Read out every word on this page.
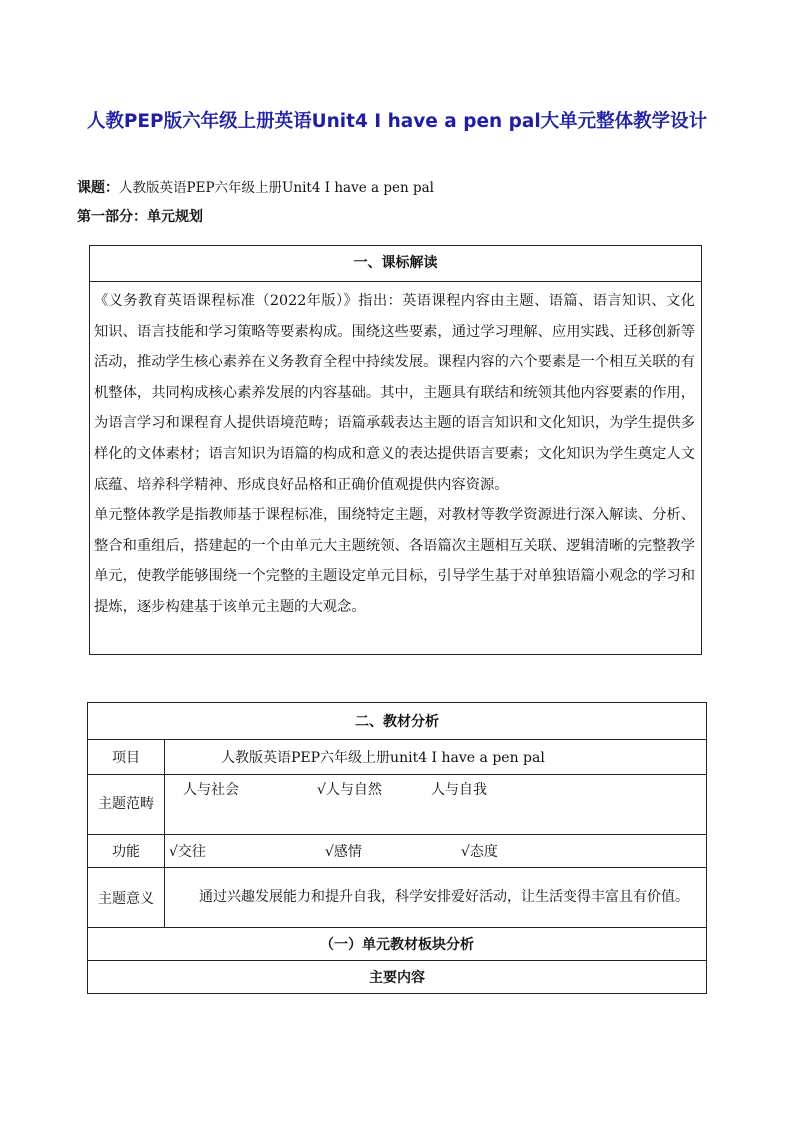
人教PEP版六年级上册英语Unit4 I have a pen pal大单元整体教学设计
课题：人教版英语PEP六年级上册Unit4 I have a pen pal
第一部分：单元规划
一、课标解读

《义务教育英语课程标准（2022年版）》指出：英语课程内容由主题、语篇、语言知识、文化知识、语言技能和学习策略等要素构成。围绕这些要素，通过学习理解、应用实践、迁移创新等活动，推动学生核心素养在义务教育全程中持续发展。课程内容的六个要素是一个相互关联的有机整体，共同构成核心素养发展的内容基础。其中，主题具有联结和统领其他内容要素的作用，为语言学习和课程育人提供语境范畴；语篇承载表达主题的语言知识和文化知识，为学生提供多样化的文体素材；语言知识为语篇的构成和意义的表达提供语言要素；文化知识为学生奠定人文底蕴、培养科学精神、形成良好品格和正确价值观提供内容资源。

单元整体教学是指教师基于课程标准，围绕特定主题，对教材等教学资源进行深入解读、分析、整合和重组后，搭建起的一个由单元大主题统领、各语篇次主题相互关联、逻辑清晰的完整教学单元，使教学能够围绕一个完整的主题设定单元目标，引导学生基于对单独语篇小观念的学习和提炼，逐步构建基于该单元主题的大观念。

二、教材分析	
项目	人教版英语PEP六年级上册unit4 I have a pen pal
主题范畴	人与社会 √人与自然 人与自我
功能	√交往 √感情 √态度
主题意义	通过兴趣发展能力和提升自我，科学安排爱好活动，让生活变得丰富且有价值。
（一）单元教材板块分析	
主要内容	
